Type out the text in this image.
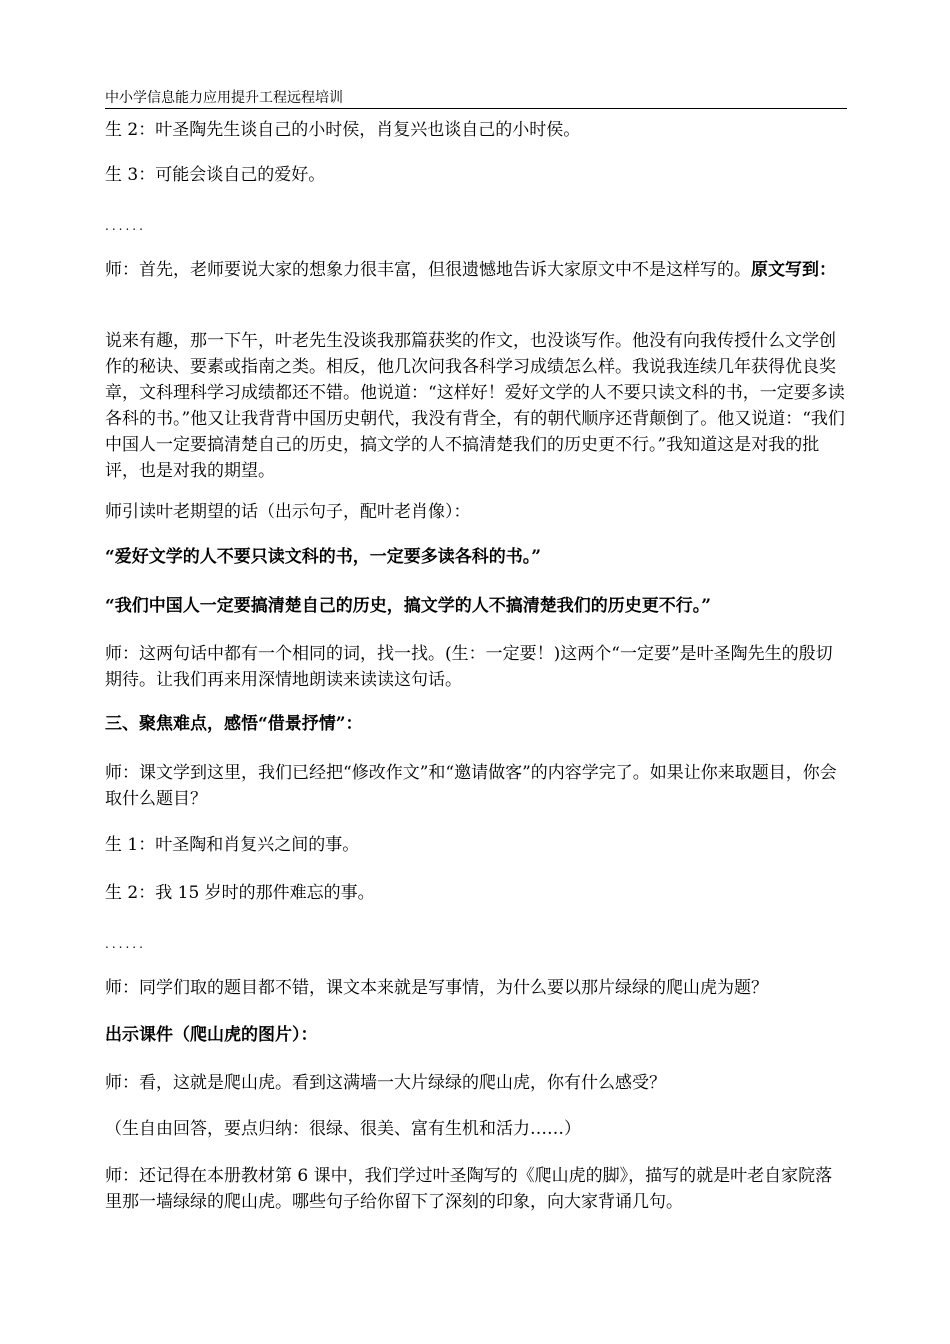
中小学信息能力应用提升工程远程培训

生 2：叶圣陶先生谈自己的小时侯，肖复兴也谈自己的小时侯。

生 3：可能会谈自己的爱好。

......

师：首先，老师要说大家的想象力很丰富，但很遗憾地告诉大家原文中不是这样写的。原文写到：

说来有趣，那一下午，叶老先生没谈我那篇获奖的作文，也没谈写作。他没有向我传授什么文学创作的秘诀、要素或指南之类。相反，他几次问我各科学习成绩怎么样。我说我连续几年获得优良奖章，文科理科学习成绩都还不错。他说道：“这样好！爱好文学的人不要只读文科的书，一定要多读各科的书。”他又让我背背中国历史朝代，我没有背全，有的朝代顺序还背颠倒了。他又说道：“我们中国人一定要搞清楚自己的历史，搞文学的人不搞清楚我们的历史更不行。”我知道这是对我的批评，也是对我的期望。

师引读叶老期望的话（出示句子，配叶老肖像）：

“爱好文学的人不要只读文科的书，一定要多读各科的书。”

“我们中国人一定要搞清楚自己的历史，搞文学的人不搞清楚我们的历史更不行。”

师：这两句话中都有一个相同的词，找一找。(生：一定要！)这两个“一定要”是叶圣陶先生的殷切期待。让我们再来用深情地朗读来读读这句话。

三、聚焦难点，感悟“借景抒情”：

师：课文学到这里，我们已经把“修改作文”和“邀请做客”的内容学完了。如果让你来取题目，你会取什么题目？

生 1：叶圣陶和肖复兴之间的事。

生 2：我 15 岁时的那件难忘的事。

......

师：同学们取的题目都不错，课文本来就是写事情，为什么要以那片绿绿的爬山虎为题？

出示课件（爬山虎的图片）：

师：看，这就是爬山虎。看到这满墙一大片绿绿的爬山虎，你有什么感受？

（生自由回答，要点归纳：很绿、很美、富有生机和活力……）

师：还记得在本册教材第 6 课中，我们学过叶圣陶写的《爬山虎的脚》，描写的就是叶老自家院落里那一墙绿绿的爬山虎。哪些句子给你留下了深刻的印象，向大家背诵几句。
